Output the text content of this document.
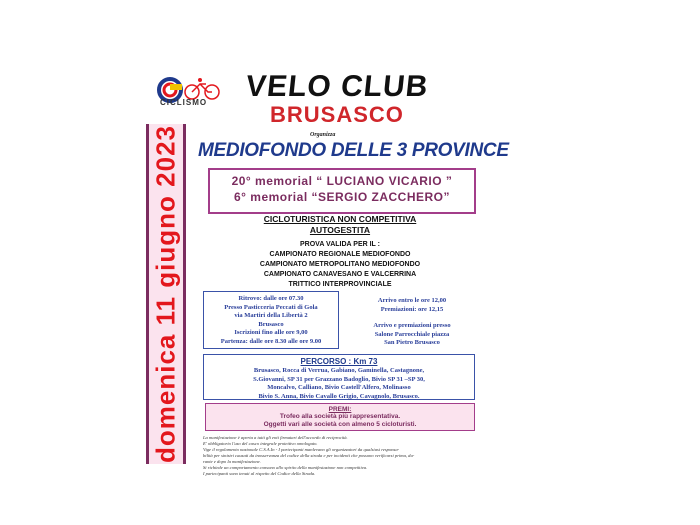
CICLISMO VELO CLUB
BRUSASCO
Organizza
MEDIOFONDO DELLE 3 PROVINCE
domenica 11 giugno 2023	20° memorial “ LUCIANO VICARIO ”
6° memorial “SERGIO ZACCHERO”
CICLOTURISTICA NON COMPETITIVA
AUTOGESTITA
PROVA VALIDA PER IL :
CAMPIONATO REGIONALE MEDIOFONDO
CAMPIONATO METROPOLITANO MEDIOFONDO
CAMPIONATO CANAVESANO E VALCERRINA
TRITTICO INTERPROVINCIALE
Ritrovo: dalle ore 07.30
Presso Pasticceria Peccati di Gola
via Martiri della Libertà 2
Brusasco
Iscrizioni fino alle ore 9,00
Partenza: dalle ore 8.30 alle ore 9.00
Arrivo entro le ore 12,00
Premiazioni: ore 12,15
Arrivo e premiazioni presso
Salone Parrocchiale piazza
San Pietro Brusasco
PERCORSO : Km 73
Brusasco, Rocca di Verrua, Gabiano, Gaminella, Castagnone,
S.Giovanni, SP 31 per Grazzano Badoglio, Bivio SP 31 –SP 30,
Moncalvo, Calliano, Bivio Castell'Alfero, Molinasso
Bivio S. Anna, Bivio Cavallo Grigio, Cavagnolo, Brusasco.
PREMI:
Trofeo alla società più rappresentativa.
Oggetti vari alle società con almeno 5 cicloturisti.
La manifestazione è aperta a tutti gli enti firmatari dell'accordo di reciprocità.
E' obbligatorio l'uso del casco integrale protettivo omologato.
Vige il regolamento nazionale C.S.A.In - I partecipanti manlevano gli organizzatori da qualsiasi responsa-
bilità per sinistri causati da inosservanza del codice della strada e per incidenti che possono verificarsi prima, du-
rante e dopo la manifestazione.
Si richiede un comportamento consono allo spirito della manifestazione non competitiva.
I partecipanti sono tenuti al rispetto del Codice della Strada.
